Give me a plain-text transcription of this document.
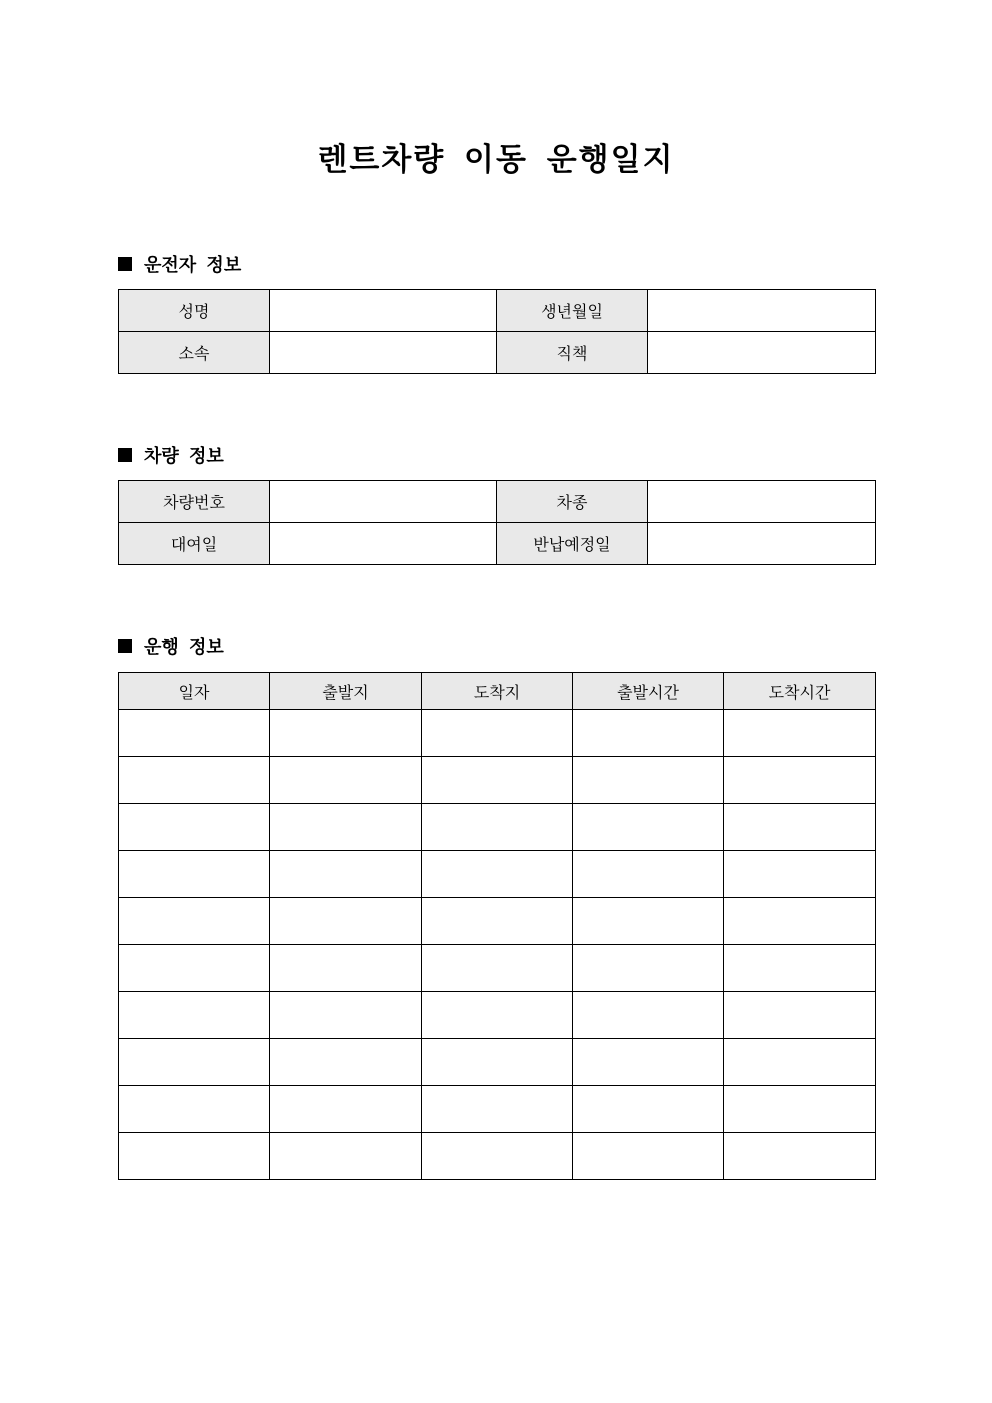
렌트차량 이동 운행일지
운전자 정보
성명		생년월일	
소속		직책	
차량 정보
차량번호		차종	
대여일		반납예정일	
운행 정보
일자	출발지	도착지	출발시간	도착시간
